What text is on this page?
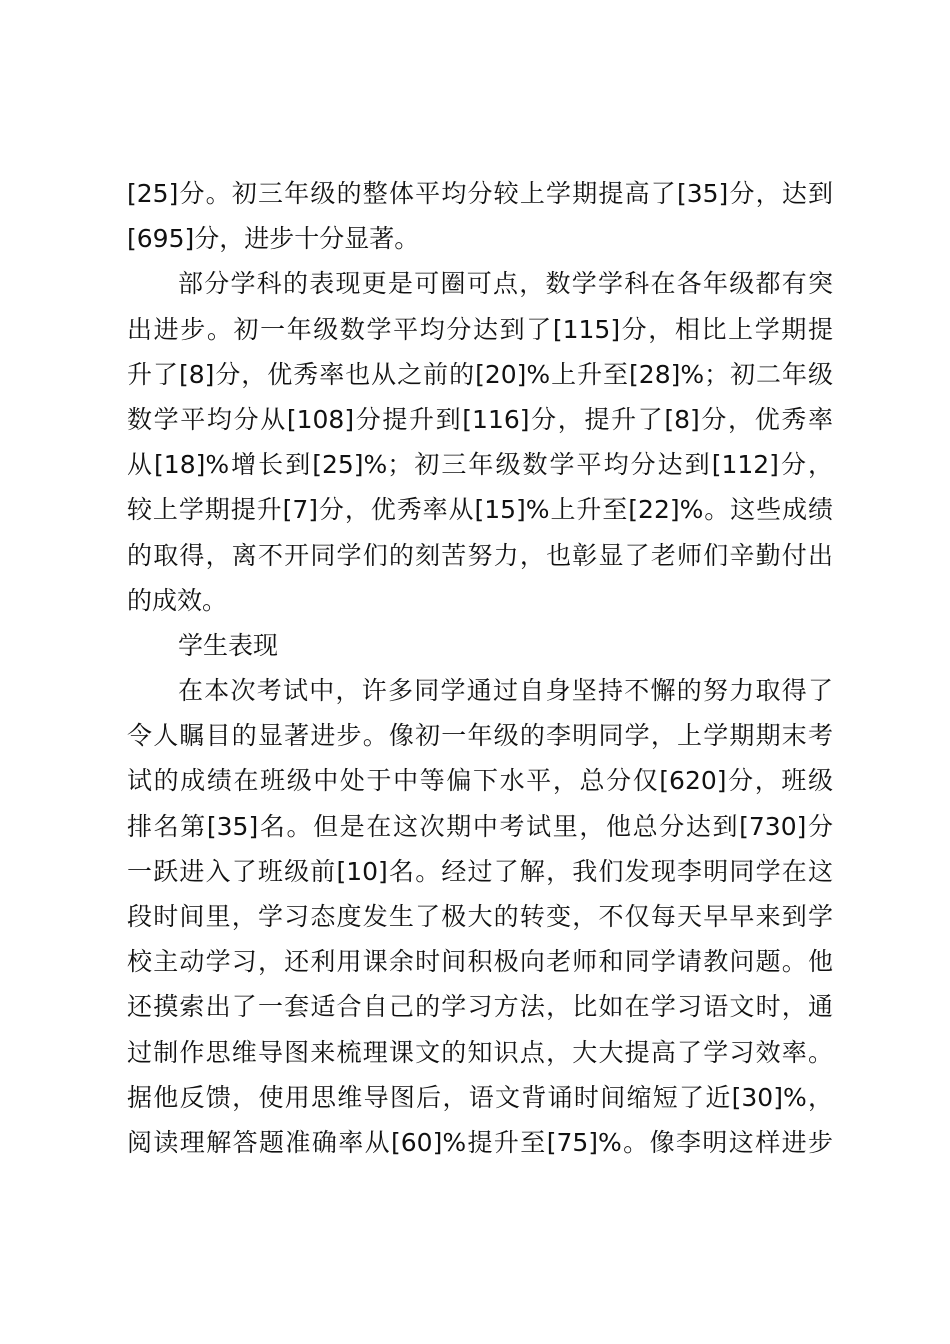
[25]分。初三年级的整体平均分较上学期提高了[35]分，达到
[695]分，进步十分显著。
部分学科的表现更是可圈可点，数学学科在各年级都有突
出进步。初一年级数学平均分达到了[115]分，相比上学期提
升了[8]分，优秀率也从之前的[20]%上升至[28]%；初二年级
数学平均分从[108]分提升到[116]分，提升了[8]分，优秀率
从[18]%增长到[25]%；初三年级数学平均分达到[112]分，
较上学期提升[7]分，优秀率从[15]%上升至[22]%。这些成绩
的取得，离不开同学们的刻苦努力，也彰显了老师们辛勤付出
的成效。
学生表现
在本次考试中，许多同学通过自身坚持不懈的努力取得了
令人瞩目的显著进步。像初一年级的李明同学，上学期期末考
试的成绩在班级中处于中等偏下水平，总分仅[620]分，班级
排名第[35]名。但是在这次期中考试里，他总分达到[730]分
一跃进入了班级前[10]名。经过了解，我们发现李明同学在这
段时间里，学习态度发生了极大的转变，不仅每天早早来到学
校主动学习，还利用课余时间积极向老师和同学请教问题。他
还摸索出了一套适合自己的学习方法，比如在学习语文时，通
过制作思维导图来梳理课文的知识点，大大提高了学习效率。
据他反馈，使用思维导图后，语文背诵时间缩短了近[30]%，
阅读理解答题准确率从[60]%提升至[75]%。像李明这样进步
